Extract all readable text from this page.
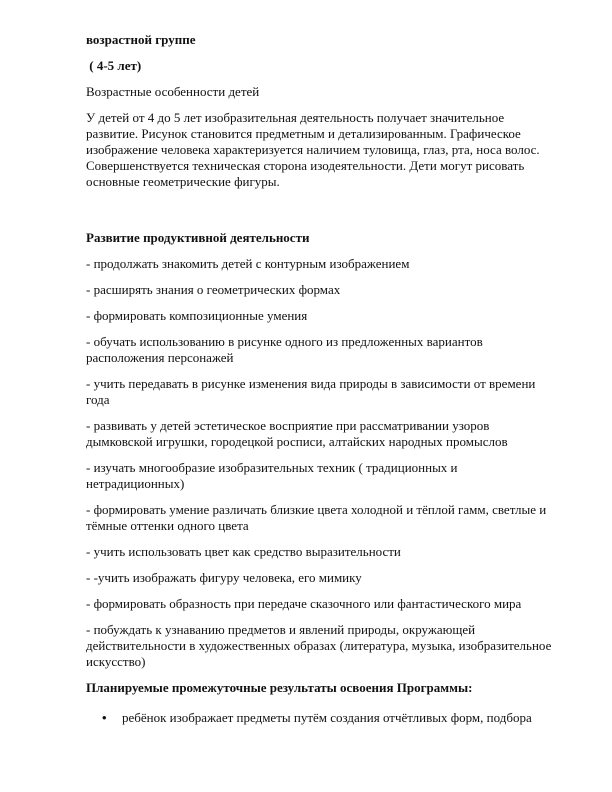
возрастной группе

( 4-5 лет)

Возрастные особенности детей

У детей от 4 до 5 лет изобразительная деятельность получает значительное развитие. Рисунок становится предметным и детализированным. Графическое изображение человека характеризуется наличием туловища, глаз, рта, носа волос. Совершенствуется техническая сторона изодеятельности. Дети могут рисовать основные геометрические фигуры.

Развитие продуктивной деятельности

- продолжать знакомить детей с контурным изображением

- расширять знания о геометрических формах

- формировать композиционные умения

- обучать использованию в рисунке одного из предложенных вариантов расположения персонажей

- учить передавать в рисунке изменения вида природы в зависимости от времени года

- развивать у детей эстетическое восприятие при рассматривании узоров дымковской игрушки, городецкой росписи, алтайских народных промыслов

- изучать многообразие изобразительных техник ( традиционных и нетрадиционных)

- формировать умение различать близкие цвета холодной и тёплой гамм, светлые и тёмные оттенки одного цвета

- учить использовать цвет как средство выразительности

- -учить изображать фигуру человека, его мимику

- формировать образность при передаче сказочного или фантастического мира

- побуждать к узнаванию предметов и явлений природы, окружающей действительности в художественных образах (литература, музыка, изобразительное искусство)

Планируемые промежуточные результаты освоения Программы:

•	ребёнок изображает предметы путём создания отчётливых форм, подбора
